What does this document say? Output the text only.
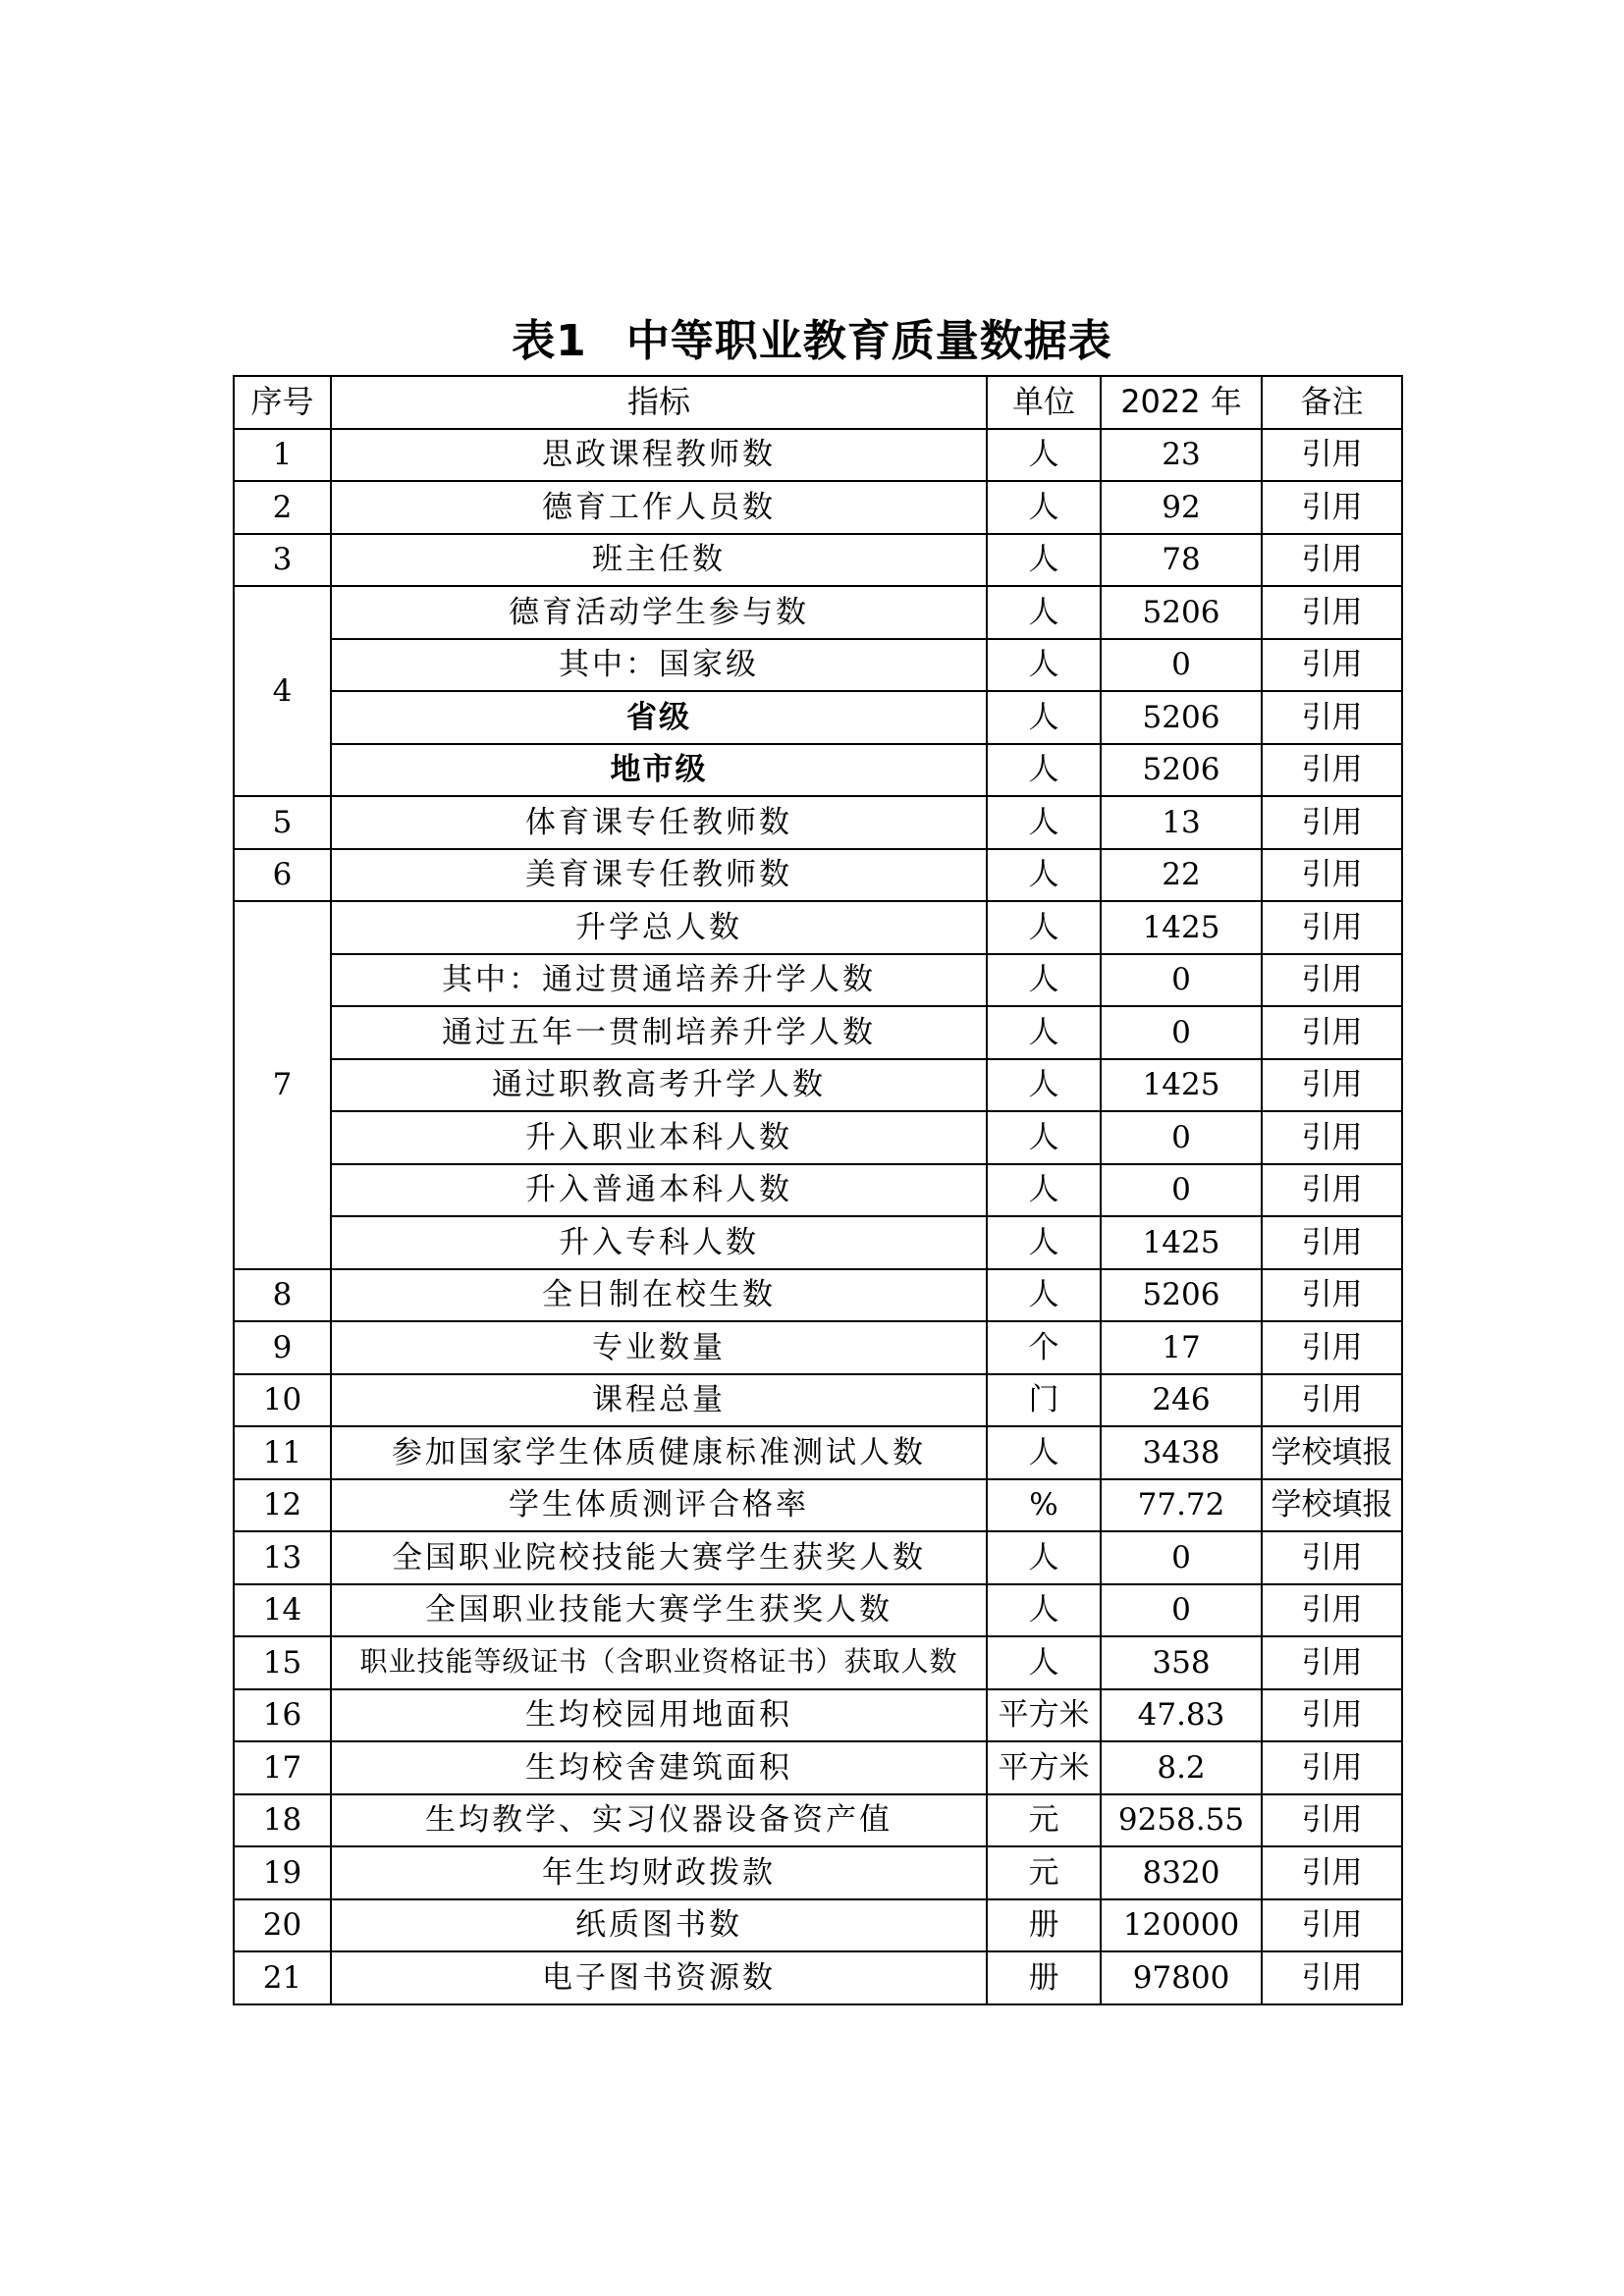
表1 中等职业教育质量数据表
序号	指标	单位	2022 年	备注
1	思政课程教师数	人	23	引用
2	德育工作人员数	人	92	引用
3	班主任数	人	78	引用
4	德育活动学生参与数	人	5206	引用
	其中：国家级	人	0	引用
	省级	人	5206	引用
	地市级	人	5206	引用
5	体育课专任教师数	人	13	引用
6	美育课专任教师数	人	22	引用
7	升学总人数	人	1425	引用
	其中：通过贯通培养升学人数	人	0	引用
	通过五年一贯制培养升学人数	人	0	引用
	通过职教高考升学人数	人	1425	引用
	升入职业本科人数	人	0	引用
	升入普通本科人数	人	0	引用
	升入专科人数	人	1425	引用
8	全日制在校生数	人	5206	引用
9	专业数量	个	17	引用
10	课程总量	门	246	引用
11	参加国家学生体质健康标准测试人数	人	3438	学校填报
12	学生体质测评合格率	%	77.72	学校填报
13	全国职业院校技能大赛学生获奖人数	人	0	引用
14	全国职业技能大赛学生获奖人数	人	0	引用
15	职业技能等级证书（含职业资格证书）获取人数	人	358	引用
16	生均校园用地面积	平方米	47.83	引用
17	生均校舍建筑面积	平方米	8.2	引用
18	生均教学、实习仪器设备资产值	元	9258.55	引用
19	年生均财政拨款	元	8320	引用
20	纸质图书数	册	120000	引用
21	电子图书资源数	册	97800	引用
